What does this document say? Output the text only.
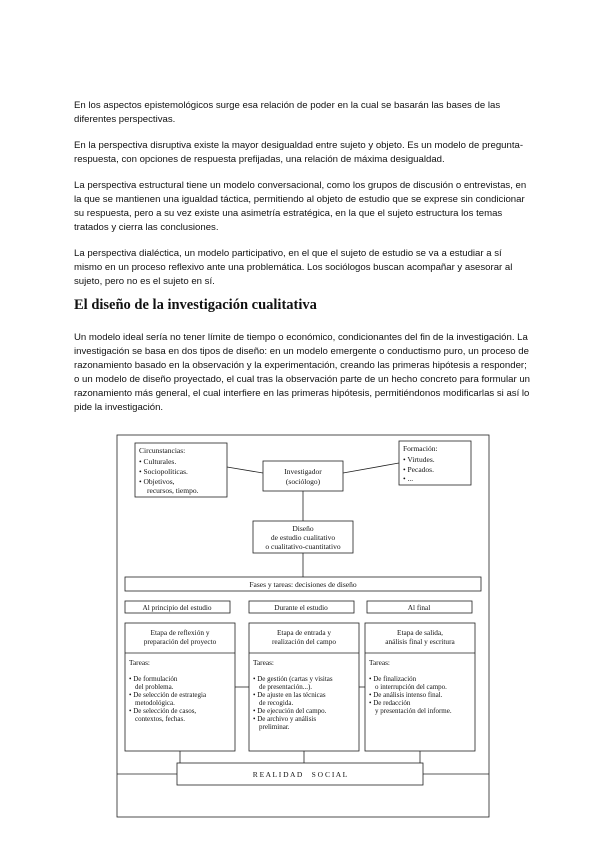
En los aspectos epistemológicos surge esa relación de poder en la cual se basarán las bases de las diferentes perspectivas.

En la perspectiva disruptiva existe la mayor desigualdad entre sujeto y objeto. Es un modelo de pregunta-respuesta, con opciones de respuesta prefijadas, una relación de máxima desigualdad.

La perspectiva estructural tiene un modelo conversacional, como los grupos de discusión o entrevistas, en la que se mantienen una igualdad táctica, permitiendo al objeto de estudio que se exprese sin condicionar su respuesta, pero a su vez existe una asimetría estratégica, en la que el sujeto estructura los temas tratados y cierra las conclusiones.

La perspectiva dialéctica, un modelo participativo, en el que el sujeto de estudio se va a estudiar a sí mismo en un proceso reflexivo ante una problemática. Los sociólogos buscan acompañar y asesorar al sujeto, pero no es el sujeto en sí.

El diseño de la investigación cualitativa

Un modelo ideal sería no tener límite de tiempo o económico, condicionantes del fin de la investigación. La investigación se basa en dos tipos de diseño: en un modelo emergente o conductismo puro, un proceso de razonamiento basado en la observación y la experimentación, creando las primeras hipótesis a responder; o un modelo de diseño proyectado, el cual tras la observación parte de un hecho concreto para formular un razonamiento más general, el cual interfiere en las primeras hipótesis, permitiéndonos modificarlas si así lo pide la investigación.

Circunstancias:
• Culturales.
• Sociopolíticas.
• Objetivos,
recursos, tiempo.
Formación:
• Virtudes.
• Pecados.
• ...
Investigador
(sociólogo)
Diseño
de estudio cualitativo
o cualitativo-cuantitativo
Fases y tareas: decisiones de diseño
Al principio del estudio	Durante el estudio	Al final
Etapa de reflexión y
preparación del proyecto
Etapa de entrada y
realización del campo
Etapa de salida,
análisis final y escritura
Tareas:	Tareas:	Tareas:
• De formulación
del problema.
• De selección de estrategia
metodológica.
• De selección de casos,
contextos, fechas.
• De gestión (cartas y visitas
de presentación...).
• De ajuste en las técnicas
de recogida.
• De ejecución del campo.
• De archivo y análisis
preliminar.
• De finalización
o interrupción del campo.
• De análisis intenso final.
• De redacción
y presentación del informe.
R E A L I D A D     S O C I A L
